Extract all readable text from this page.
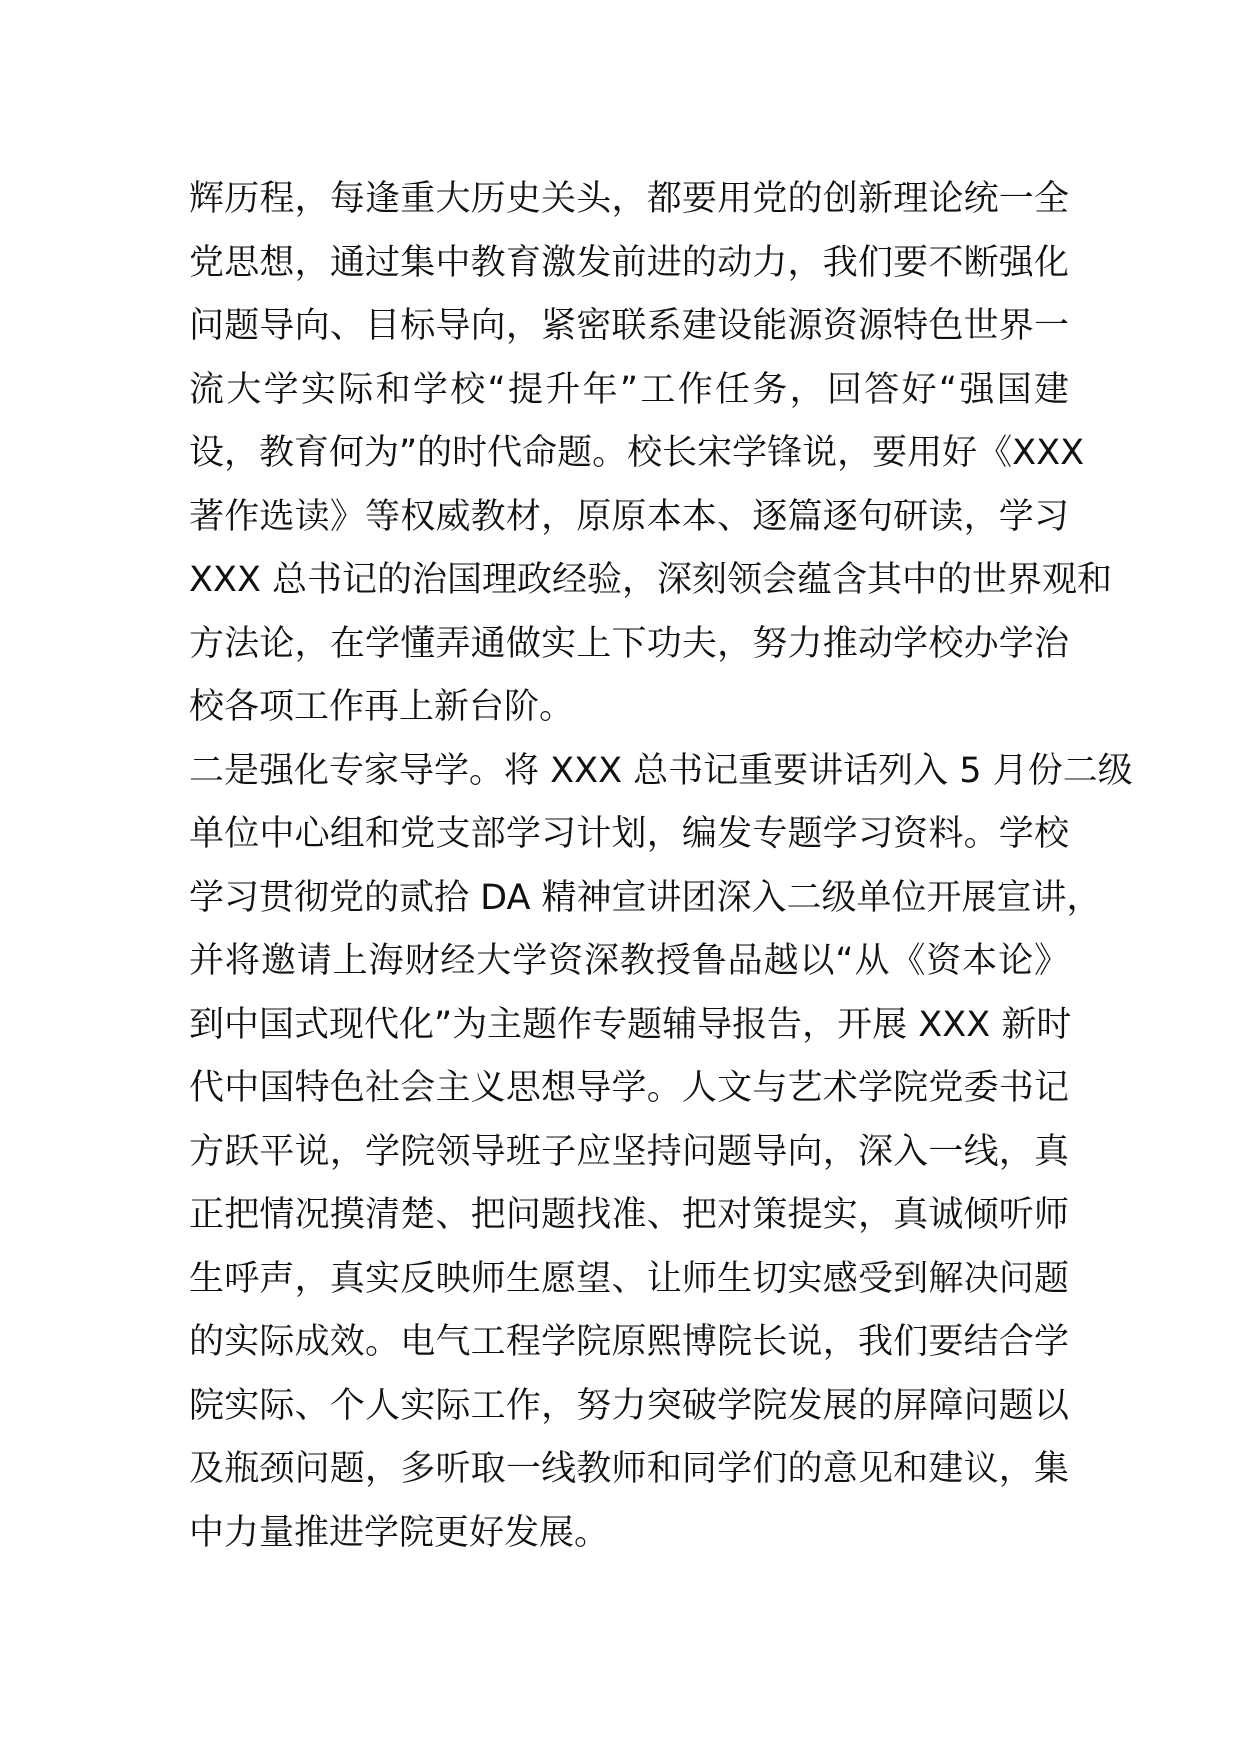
辉历程，每逢重大历史关头，都要用党的创新理论统一全
党思想，通过集中教育激发前进的动力，我们要不断强化
问题导向、目标导向，紧密联系建设能源资源特色世界一
流大学实际和学校“提升年”工作任务，回答好“强国建
设，教育何为”的时代命题。校长宋学锋说，要用好《XXX
著作选读》等权威教材，原原本本、逐篇逐句研读，学习
XXX 总书记的治国理政经验，深刻领会蕴含其中的世界观和
方法论，在学懂弄通做实上下功夫，努力推动学校办学治
校各项工作再上新台阶。
二是强化专家导学。将 XXX 总书记重要讲话列入 5 月份二级
单位中心组和党支部学习计划，编发专题学习资料。学校
学习贯彻党的贰拾 DA 精神宣讲团深入二级单位开展宣讲，
并将邀请上海财经大学资深教授鲁品越以“从《资本论》
到中国式现代化”为主题作专题辅导报告，开展 XXX 新时
代中国特色社会主义思想导学。人文与艺术学院党委书记
方跃平说，学院领导班子应坚持问题导向，深入一线，真
正把情况摸清楚、把问题找准、把对策提实，真诚倾听师
生呼声，真实反映师生愿望、让师生切实感受到解决问题
的实际成效。电气工程学院原熙博院长说，我们要结合学
院实际、个人实际工作，努力突破学院发展的屏障问题以
及瓶颈问题，多听取一线教师和同学们的意见和建议，集
中力量推进学院更好发展。
